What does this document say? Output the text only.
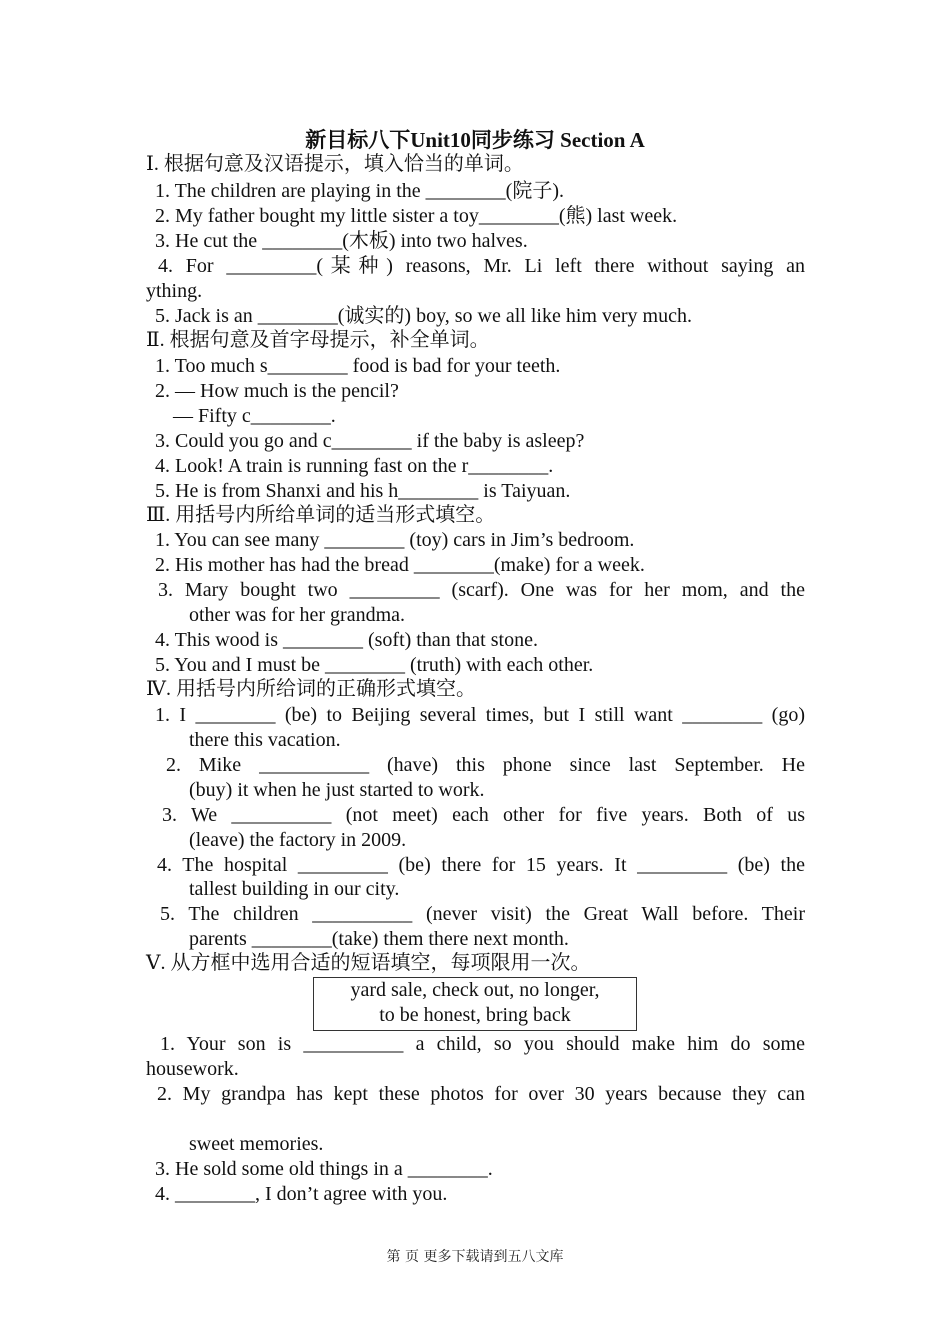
新目标八下Unit10同步练习 Section A
Ⅰ. 根据句意及汉语提示，填入恰当的单词。
1. The children are playing in the ________(院子).
2. My father bought my little sister a toy________(熊) last week.
3. He cut the ________(木板) into two halves.
4. For _________(某种) reasons, Mr. Li left there without saying an
ything.
5. Jack is an ________(诚实的) boy, so we all like him very much.
Ⅱ. 根据句意及首字母提示，补全单词。
1. Too much s________ food is bad for your teeth.
2. — How much is the pencil?
— Fifty c________.
3. Could you go and c________ if the baby is asleep?
4. Look! A train is running fast on the r________.
5. He is from Shanxi and his h________ is Taiyuan.
Ⅲ. 用括号内所给单词的适当形式填空。
1. You can see many ________ (toy) cars in Jim’s bedroom.
2. His mother has had the bread ________(make) for a week.
3. Mary bought two _________ (scarf). One was for her mom, and the
other was for her grandma.
4. This wood is ________ (soft) than that stone.
5. You and I must be ________ (truth) with each other.
Ⅳ. 用括号内所给词的正确形式填空。
1. I ________ (be) to Beijing several times, but I still want ________ (go)
there this vacation.
2. Mike ___________ (have) this phone since last September. He
(buy) it when he just started to work.
3. We __________ (not meet) each other for five years. Both of us
(leave) the factory in 2009.
4. The hospital _________ (be) there for 15 years. It _________ (be) the
tallest building in our city.
5. The children __________ (never visit) the Great Wall before. Their
parents ________(take) them there next month.
Ⅴ. 从方框中选用合适的短语填空，每项限用一次。
yard sale, check out, no longer,
to be honest, bring back
1. Your son is __________ a child, so you should make him do some
housework.
2. My grandpa has kept these photos for over 30 years because they can
sweet memories.
3. He sold some old things in a ________.
4. ________, I don’t agree with you.
第 页 更多下载请到五八文库
